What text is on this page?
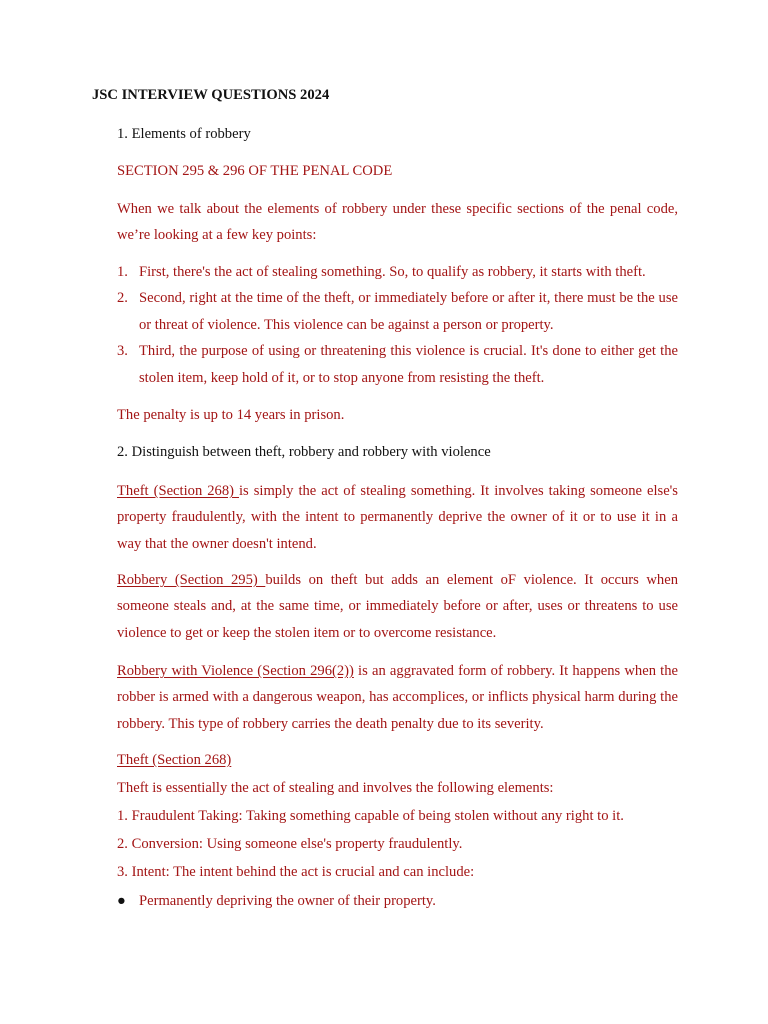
JSC INTERVIEW QUESTIONS 2024
1. Elements of robbery
SECTION 295 & 296 OF THE PENAL CODE
When we talk about the elements of robbery under these specific sections of the penal code, we’re looking at a few key points:
1. First, there's the act of stealing something. So, to qualify as robbery, it starts with theft.
2. Second, right at the time of the theft, or immediately before or after it, there must be the use or threat of violence. This violence can be against a person or property.
3. Third, the purpose of using or threatening this violence is crucial. It's done to either get the stolen item, keep hold of it, or to stop anyone from resisting the theft.
The penalty is up to 14 years in prison.
2. Distinguish between theft, robbery and robbery with violence
Theft (Section 268) is simply the act of stealing something. It involves taking someone else's property fraudulently, with the intent to permanently deprive the owner of it or to use it in a way that the owner doesn't intend.
Robbery (Section 295) builds on theft but adds an element oF violence. It occurs when someone steals and, at the same time, or immediately before or after, uses or threatens to use violence to get or keep the stolen item or to overcome resistance.
Robbery with Violence (Section 296(2)) is an aggravated form of robbery. It happens when the robber is armed with a dangerous weapon, has accomplices, or inflicts physical harm during the robbery. This type of robbery carries the death penalty due to its severity.
Theft (Section 268)
Theft is essentially the act of stealing and involves the following elements:
1. Fraudulent Taking: Taking something capable of being stolen without any right to it.
2. Conversion: Using someone else's property fraudulently.
3. Intent: The intent behind the act is crucial and can include:
● Permanently depriving the owner of their property.
